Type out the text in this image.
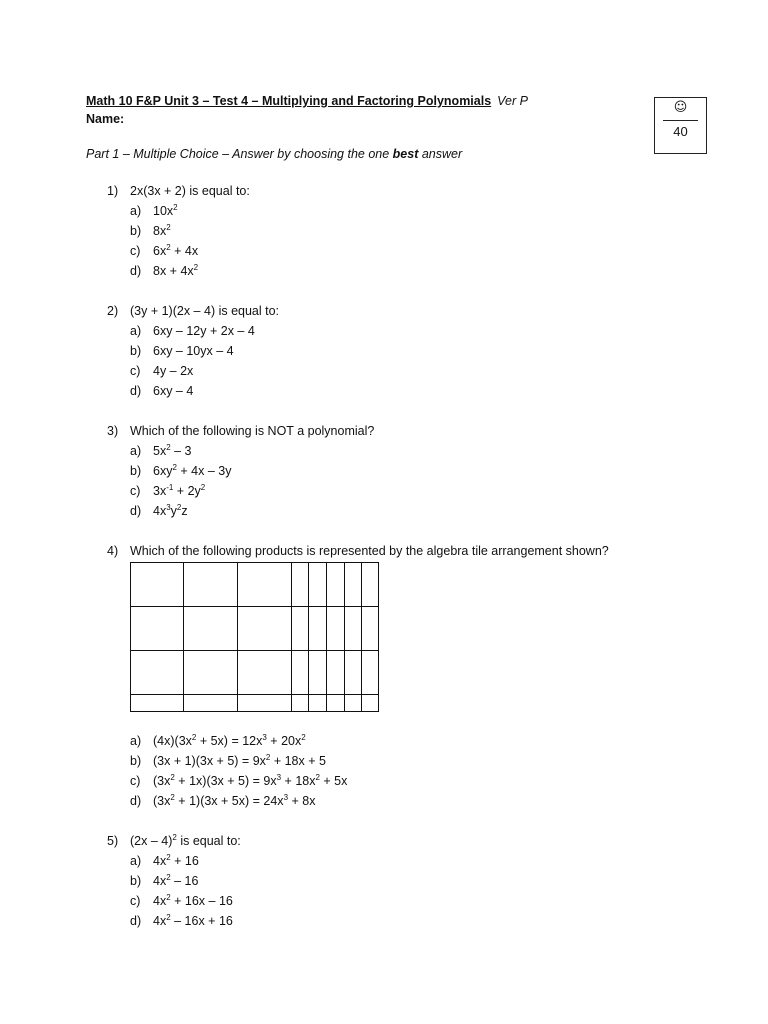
Math 10 F&P Unit 3 – Test 4 – Multiplying and Factoring Polynomials Ver P
Name:
Part 1 – Multiple Choice – Answer by choosing the one best answer
☺
40
1) 2x(3x + 2) is equal to:
a) $10x^2$
b) $8x^2$
c) $6x^2 + 4x$
d) $8x + 4x^2$
2) (3y + 1)(2x – 4) is equal to:
a) 6xy – 12y + 2x – 4
b) 6xy – 10yx – 4
c) 4y – 2x
d) 6xy – 4
3) Which of the following is NOT a polynomial?
a) $5x^2 - 3$
b) $6xy^2 + 4x - 3y$
c) $3x^{-1} + 2y^2$
d) $4x^3y^2z$
4) Which of the following products is represented by the algebra tile arrangement shown?
a) $(4x)(3x^2 + 5x) = 12x^3 + 20x^2$
b) $(3x + 1)(3x + 5) = 9x^2 + 18x + 5$
c) $(3x^2 + 1x)(3x + 5) = 9x^3 + 18x^2 + 5x$
d) $(3x^2 + 1)(3x + 5x) = 24x^3 + 8x$
5) (2x – 4)$^2$ is equal to:
a) $4x^2 + 16$
b) $4x^2 - 16$
c) $4x^2 + 16x - 16$
d) $4x^2 - 16x + 16$
